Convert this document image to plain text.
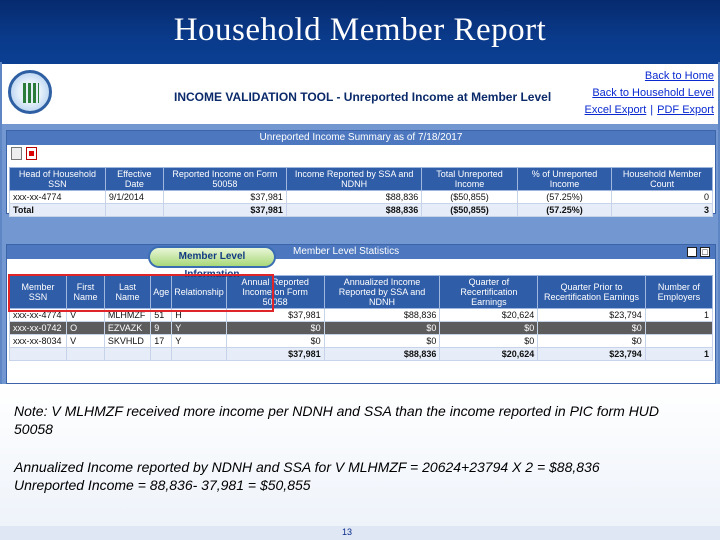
Household Member Report
INCOME VALIDATION TOOL - Unreported Income at Member Level
Back to Home
Back to Household Level
Excel Export | PDF Export
Unreported Income Summary as of 7/18/2017
Head of Household SSN	Effective Date	Reported Income on Form 50058	Income Reported by SSA and NDNH	Total Unreported Income	% of Unreported Income	Household Member Count
xxx-xx-4774	9/1/2014	$37,981	$88,836	($50,855)	(57.25%)	0
Total		$37,981	$88,836	($50,855)	(57.25%)	3
Member Level Statistics	_ □
Member SSN	First Name	Last Name	Age	Relationship	Annual Reported Income on Form 50058	Annualized Income Reported by SSA and NDNH	Quarter of Recertification Earnings	Quarter Prior to Recertification Earnings	Number of Employers
xxx-xx-4774	V	MLHMZF	51	H	$37,981	$88,836	$20,624	$23,794	1
xxx-xx-0742	O	EZVAZK	9	Y	$0	$0	$0	$0	
xxx-xx-8034	V	SKVHLD	17	Y	$0	$0	$0	$0	
					$37,981	$88,836	$20,624	$23,794	1
Member Level Information

Note: V MLHMZF received more income per NDNH and SSA than the income reported in PIC form HUD 50058

Annualized Income reported by NDNH and SSA for V MLHMZF = 20624+23794 X 2 = $88,836

Unreported Income = 88,836- 37,981 = $50,855

13
